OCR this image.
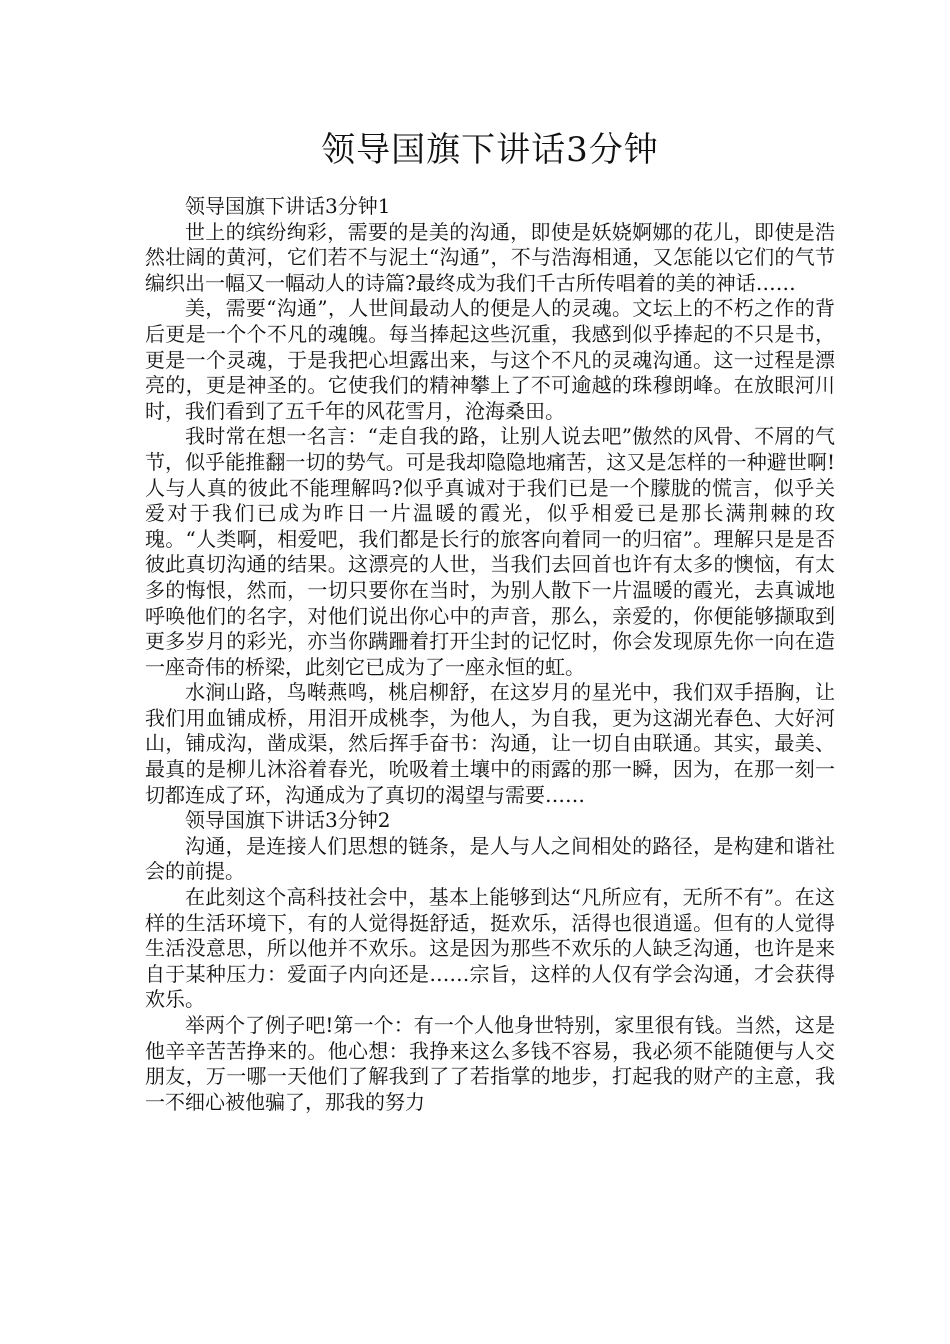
领导国旗下讲话3分钟

领导国旗下讲话3分钟1

世上的缤纷绚彩，需要的是美的沟通，即使是妖娆婀娜的花儿，即使是浩然壮阔的黄河，它们若不与泥土“沟通”，不与浩海相通，又怎能以它们的气节编织出一幅又一幅动人的诗篇?最终成为我们千古所传唱着的美的神话……

美，需要“沟通”，人世间最动人的便是人的灵魂。文坛上的不朽之作的背后更是一个个不凡的魂魄。每当捧起这些沉重，我感到似乎捧起的不只是书，更是一个灵魂，于是我把心坦露出来，与这个不凡的灵魂沟通。这一过程是漂亮的，更是神圣的。它使我们的精神攀上了不可逾越的珠穆朗峰。在放眼河川时，我们看到了五千年的风花雪月，沧海桑田。

我时常在想一名言：“走自我的路，让别人说去吧”傲然的风骨、不屑的气节，似乎能推翻一切的势气。可是我却隐隐地痛苦，这又是怎样的一种避世啊!人与人真的彼此不能理解吗?似乎真诚对于我们已是一个朦胧的慌言，似乎关爱对于我们已成为昨日一片温暖的霞光，似乎相爱已是那长满荆棘的玫瑰。“人类啊，相爱吧，我们都是长行的旅客向着同一的归宿”。理解只是是否彼此真切沟通的结果。这漂亮的人世，当我们去回首也许有太多的懊恼，有太多的悔恨，然而，一切只要你在当时，为别人散下一片温暖的霞光，去真诚地呼唤他们的名字，对他们说出你心中的声音，那么，亲爱的，你便能够撷取到更多岁月的彩光，亦当你蹒跚着打开尘封的记忆时，你会发现原先你一向在造一座奇伟的桥梁，此刻它已成为了一座永恒的虹。

水涧山路，鸟啭燕鸣，桃启柳舒，在这岁月的星光中，我们双手捂胸，让我们用血铺成桥，用泪开成桃李，为他人，为自我，更为这湖光春色、大好河山，铺成沟，凿成渠，然后挥手奋书：沟通，让一切自由联通。其实，最美、最真的是柳儿沐浴着春光，吮吸着土壤中的雨露的那一瞬，因为，在那一刻一切都连成了环，沟通成为了真切的渴望与需要……

领导国旗下讲话3分钟2

沟通，是连接人们思想的链条，是人与人之间相处的路径，是构建和谐社会的前提。

在此刻这个高科技社会中，基本上能够到达“凡所应有，无所不有”。在这样的生活环境下，有的人觉得挺舒适，挺欢乐，活得也很逍遥。但有的人觉得生活没意思，所以他并不欢乐。这是因为那些不欢乐的人缺乏沟通，也许是来自于某种压力：爱面子内向还是……宗旨，这样的人仅有学会沟通，才会获得欢乐。

举两个了例子吧!第一个：有一个人他身世特别，家里很有钱。当然，这是他辛辛苦苦挣来的。他心想：我挣来这么多钱不容易，我必须不能随便与人交朋友，万一哪一天他们了解我到了了若指掌的地步，打起我的财产的主意，我一不细心被他骗了，那我的努力
